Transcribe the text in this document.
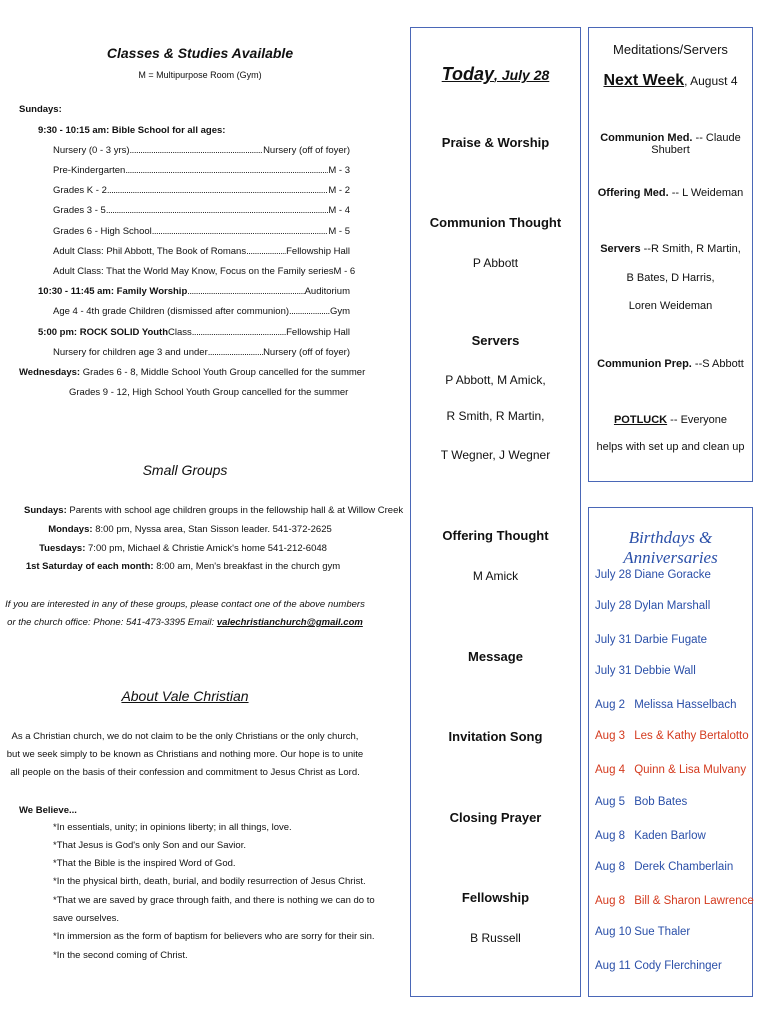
Classes & Studies Available
M = Multipurpose Room (Gym)
Sundays:
9:30 - 10:15 am: Bible School for all ages:
Nursery (0 - 3 yrs) .....	Nursery (off of foyer)
Pre-Kindergarten .....	M - 3
Grades K - 2 .....	M - 2
Grades 3 - 5 .....	M - 4
Grades 6 - High School .....	M - 5
Adult Class: Phil Abbott, The Book of Romans .....	Fellowship Hall
Adult Class: That the World May Know, Focus on the Family series M - 6
10:30 - 11:45 am: Family Worship .....	Auditorium
Age 4 - 4th grade Children (dismissed after communion) .....	Gym
5:00 pm: ROCK SOLID Youth Class .....	Fellowship Hall
Nursery for children age 3 and under .....	Nursery (off of foyer)
Wednesdays: Grades 6 - 8, Middle School Youth Group cancelled for the summer
Grades 9 - 12, High School Youth Group cancelled for the summer
Small Groups
Sundays: Parents with school age children groups in the fellowship hall & at Willow Creek
Mondays: 8:00 pm, Nyssa area, Stan Sisson leader. 541-372-2625
Tuesdays: 7:00 pm, Michael & Christie Amick's home 541-212-6048
1st Saturday of each month: 8:00 am, Men's breakfast in the church gym
If you are interested in any of these groups, please contact one of the above numbers
or the church office: Phone: 541-473-3395 Email: valechristianchurch@gmail.com
About Vale Christian
As a Christian church, we do not claim to be the only Christians or the only church,
but we seek simply to be known as Christians and nothing more. Our hope is to unite
all people on the basis of their confession and commitment to Jesus Christ as Lord.
We Believe...
*In essentials, unity; in opinions liberty; in all things, love.
*That Jesus is God's only Son and our Savior.
*That the Bible is the inspired Word of God.
*In the physical birth, death, burial, and bodily resurrection of Jesus Christ.
*That we are saved by grace through faith, and there is nothing we can do to
save ourselves.
*In immersion as the form of baptism for believers who are sorry for their sin.
*In the second coming of Christ.
Today, July 28
Praise & Worship
Communion Thought
P Abbott
Servers
P Abbott, M Amick,
R Smith, R Martin,
T Wegner, J Wegner
Offering Thought
M Amick
Message
Invitation Song
Closing Prayer
Fellowship
B Russell
Meditations/Servers
Next Week, August 4
Communion Med. -- Claude Shubert
Offering Med. -- L Weideman
Servers --R Smith, R Martin,
B Bates, D Harris,
Loren Weideman
Communion Prep. --S Abbott
POTLUCK -- Everyone
helps with set up and clean up
Birthdays & Anniversaries
July 28 Diane Goracke
July 28 Dylan Marshall
July 31 Darbie Fugate
July 31 Debbie Wall
Aug 2 Melissa Hasselbach
Aug 3 Les & Kathy Bertalotto
Aug 4 Quinn & Lisa Mulvany
Aug 5 Bob Bates
Aug 8 Kaden Barlow
Aug 8 Derek Chamberlain
Aug 8 Bill & Sharon Lawrence
Aug 10 Sue Thaler
Aug 11 Cody Flerchinger
